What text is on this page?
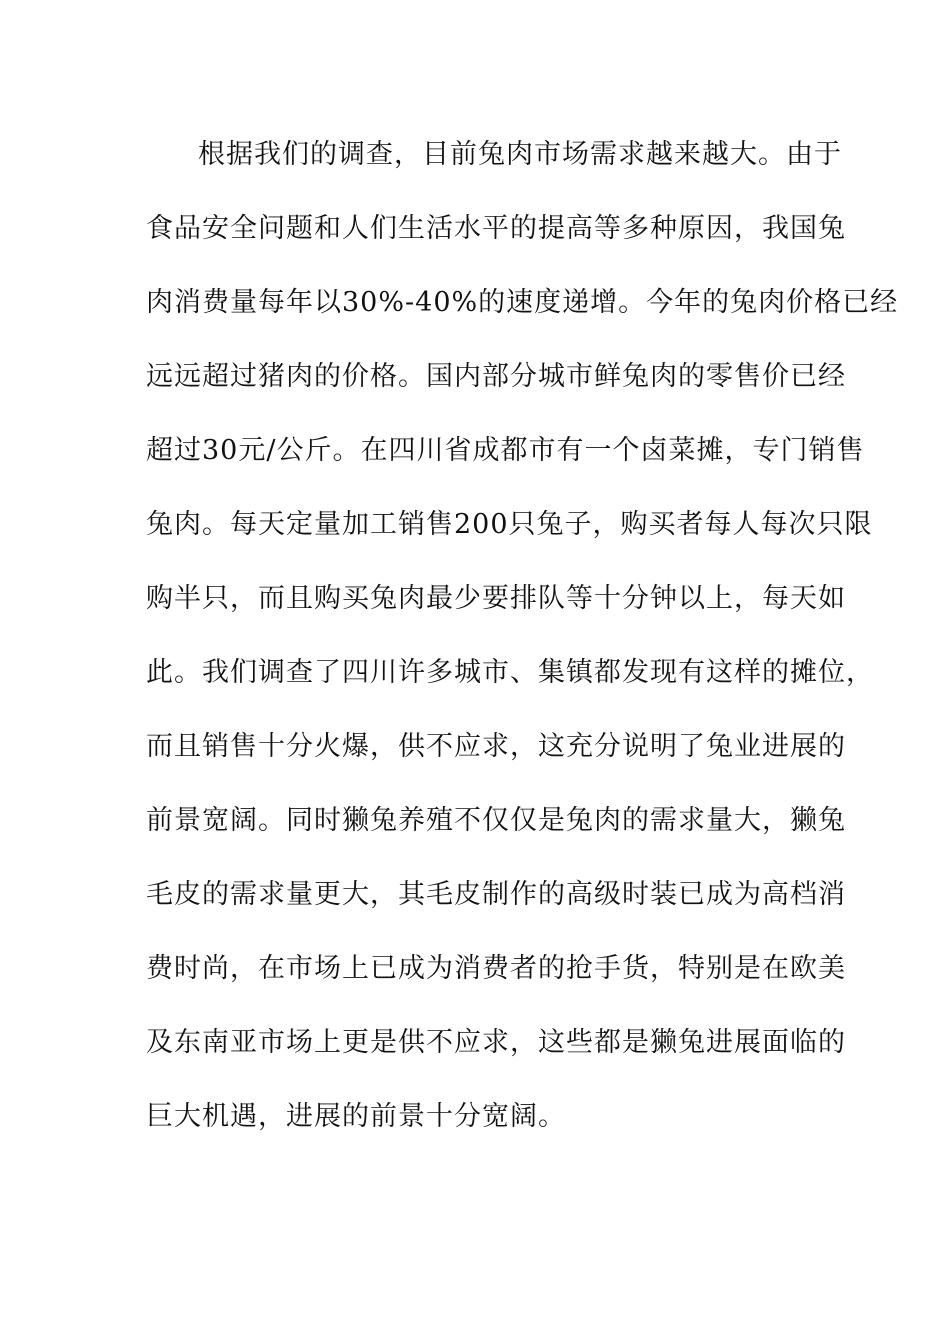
根据我们的调查，目前兔肉市场需求越来越大。由于
食品安全问题和人们生活水平的提高等多种原因，我国兔
肉消费量每年以30%-40%的速度递增。今年的兔肉价格已经
远远超过猪肉的价格。国内部分城市鲜兔肉的零售价已经
超过30元/公斤。在四川省成都市有一个卤菜摊，专门销售
兔肉。每天定量加工销售200只兔子，购买者每人每次只限
购半只，而且购买兔肉最少要排队等十分钟以上，每天如
此。我们调查了四川许多城市、集镇都发现有这样的摊位，
而且销售十分火爆，供不应求，这充分说明了兔业进展的
前景宽阔。同时獭兔养殖不仅仅是兔肉的需求量大，獭兔
毛皮的需求量更大，其毛皮制作的高级时装已成为高档消
费时尚，在市场上已成为消费者的抢手货，特别是在欧美
及东南亚市场上更是供不应求，这些都是獭兔进展面临的
巨大机遇，进展的前景十分宽阔。
